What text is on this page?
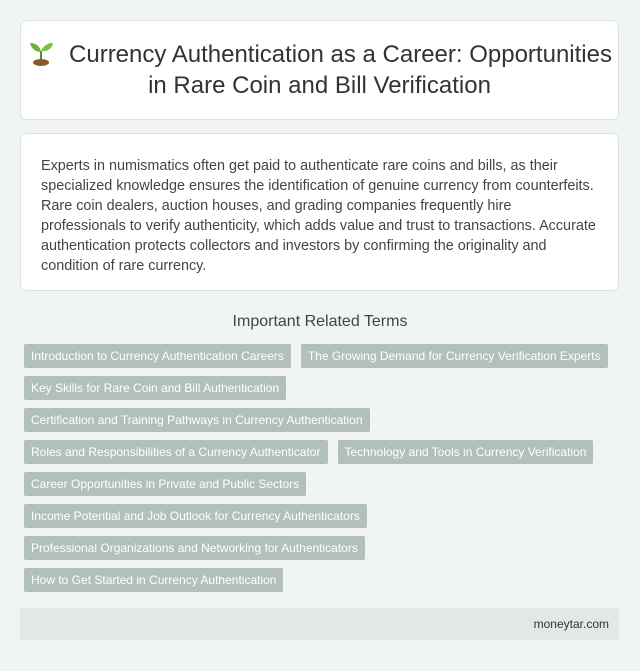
Currency Authentication as a Career: Opportunities in Rare Coin and Bill Verification

Experts in numismatics often get paid to authenticate rare coins and bills, as their specialized knowledge ensures the identification of genuine currency from counterfeits. Rare coin dealers, auction houses, and grading companies frequently hire professionals to verify authenticity, which adds value and trust to transactions. Accurate authentication protects collectors and investors by confirming the originality and condition of rare currency.

Important Related Terms
Introduction to Currency Authentication Careers	The Growing Demand for Currency Verification Experts
Key Skills for Rare Coin and Bill Authentication
Certification and Training Pathways in Currency Authentication
Roles and Responsibilities of a Currency Authenticator	Technology and Tools in Currency Verification
Career Opportunities in Private and Public Sectors
Income Potential and Job Outlook for Currency Authenticators
Professional Organizations and Networking for Authenticators
How to Get Started in Currency Authentication
moneytar.com
